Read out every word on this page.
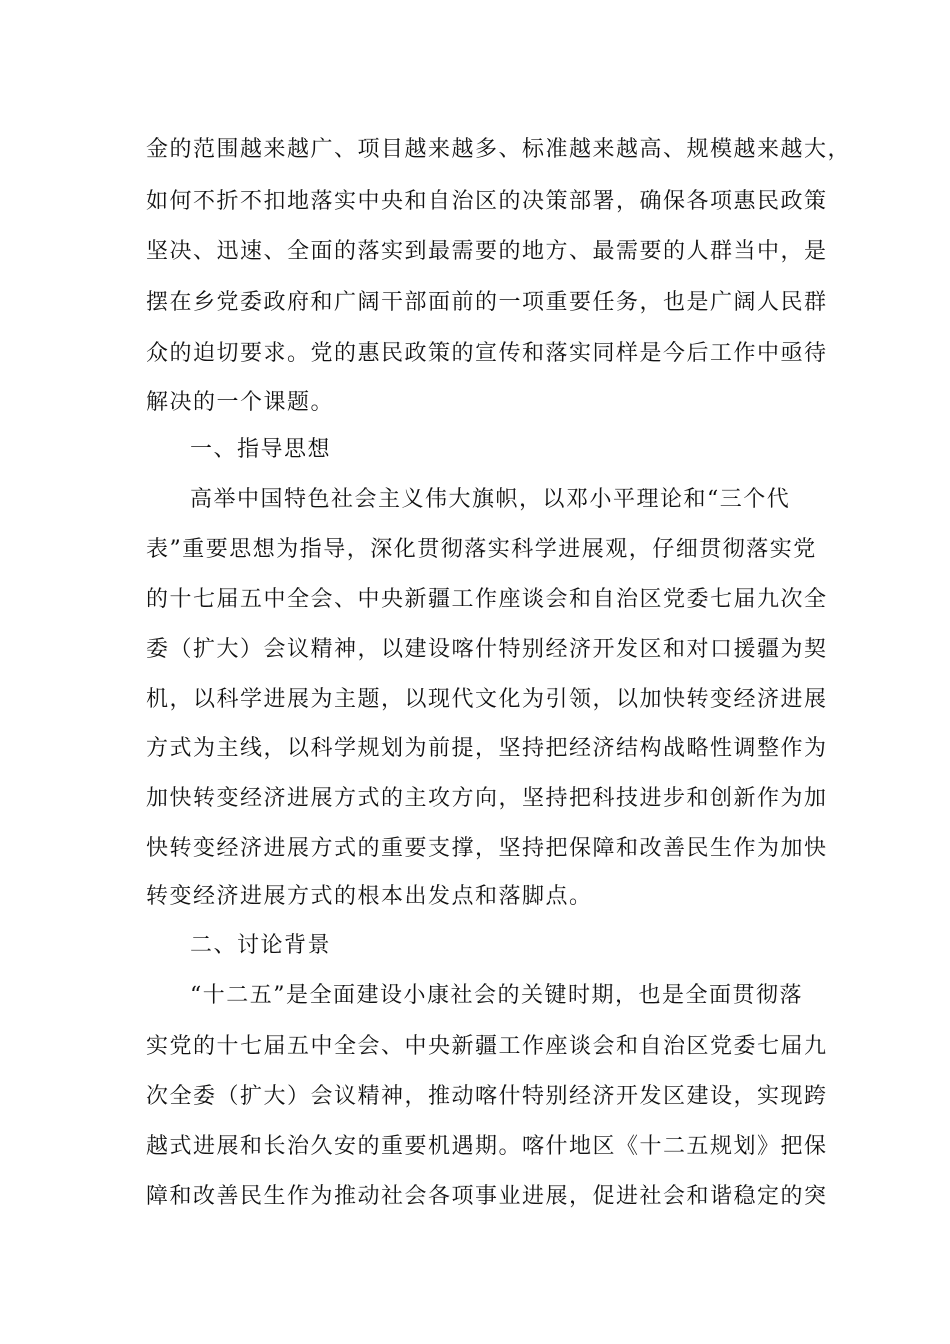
金的范围越来越广、项目越来越多、标准越来越高、规模越来越大，
如何不折不扣地落实中央和自治区的决策部署，确保各项惠民政策
坚决、迅速、全面的落实到最需要的地方、最需要的人群当中，是
摆在乡党委政府和广阔干部面前的一项重要任务，也是广阔人民群
众的迫切要求。党的惠民政策的宣传和落实同样是今后工作中亟待
解决的一个课题。
一、指导思想
高举中国特色社会主义伟大旗帜，以邓小平理论和“三个代
表”重要思想为指导，深化贯彻落实科学进展观，仔细贯彻落实党
的十七届五中全会、中央新疆工作座谈会和自治区党委七届九次全
委（扩大）会议精神，以建设喀什特别经济开发区和对口援疆为契
机，以科学进展为主题，以现代文化为引领，以加快转变经济进展
方式为主线，以科学规划为前提，坚持把经济结构战略性调整作为
加快转变经济进展方式的主攻方向，坚持把科技进步和创新作为加
快转变经济进展方式的重要支撑，坚持把保障和改善民生作为加快
转变经济进展方式的根本出发点和落脚点。
二、讨论背景
“十二五”是全面建设小康社会的关键时期，也是全面贯彻落
实党的十七届五中全会、中央新疆工作座谈会和自治区党委七届九
次全委（扩大）会议精神，推动喀什特别经济开发区建设，实现跨
越式进展和长治久安的重要机遇期。喀什地区《十二五规划》把保
障和改善民生作为推动社会各项事业进展，促进社会和谐稳定的突
